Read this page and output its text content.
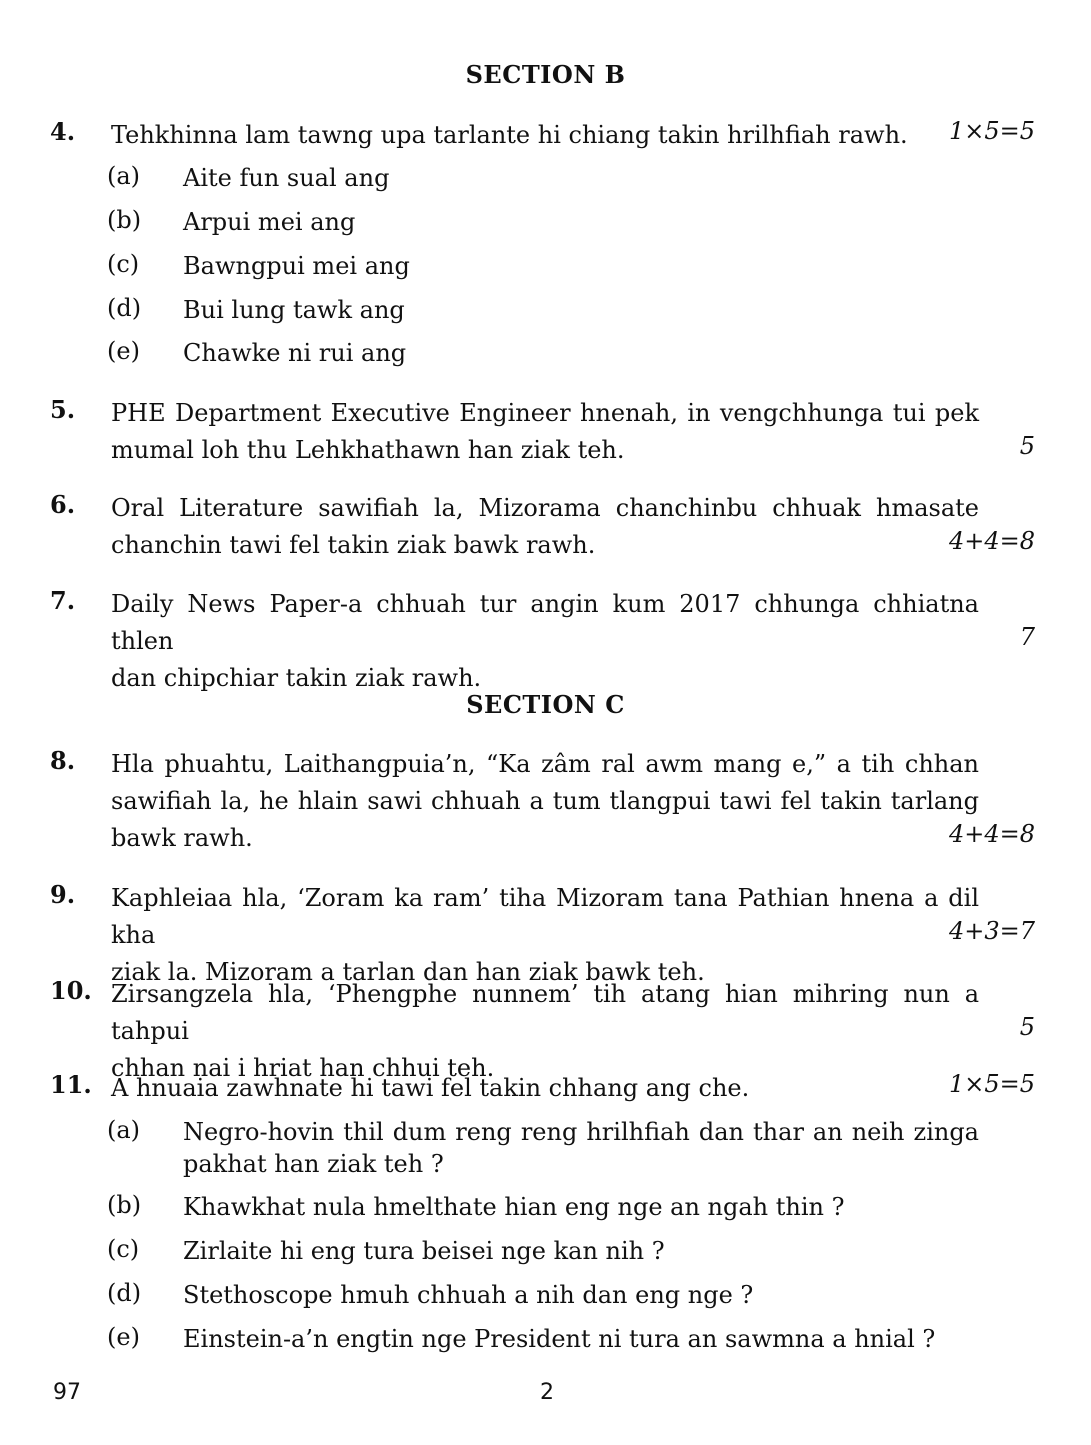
SECTION B
4. Tehkhinna lam tawng upa tarlante hi chiang takin hrilhfiah rawh.	1×5=5
(a) Aite fun sual ang
(b) Arpui mei ang
(c) Bawngpui mei ang
(d) Bui lung tawk ang
(e) Chawke ni rui ang
5. PHE Department Executive Engineer hnenah, in vengchhunga tui pek
mumal loh thu Lehkhathawn han ziak teh.	5
6. Oral Literature sawifiah la, Mizorama chanchinbu chhuak hmasate
chanchin tawi fel takin ziak bawk rawh.	4+4=8
7. Daily News Paper-a chhuah tur angin kum 2017 chhunga chhiatna thlen
dan chipchiar takin ziak rawh.
7
SECTION C
8. Hla phuahtu, Laithangpuia’n, “Ka zâm ral awm mang e,” a tih chhan
sawifiah la, he hlain sawi chhuah a tum tlangpui tawi fel takin tarlang
bawk rawh.	4+4=8
9. Kaphleiaa hla, ‘Zoram ka ram’ tiha Mizoram tana Pathian hnena a dil kha
ziak la. Mizoram a tarlan dan han ziak bawk teh.
4+3=7
10. Zirsangzela hla, ‘Phengphe nunnem’ tih atang hian mihring nun a tahpui
chhan nai i hriat han chhui teh.
5
11. A hnuaia zawhnate hi tawi fel takin chhang ang che.	1×5=5
(a) Negro-hovin thil dum reng reng hrilhfiah dan thar an neih zinga
pakhat han ziak teh ?
(b) Khawkhat nula hmelthate hian eng nge an ngah thin ?
(c) Zirlaite hi eng tura beisei nge kan nih ?
(d) Stethoscope hmuh chhuah a nih dan eng nge ?
(e) Einstein-a’n engtin nge President ni tura an sawmna a hnial ?
97	2
